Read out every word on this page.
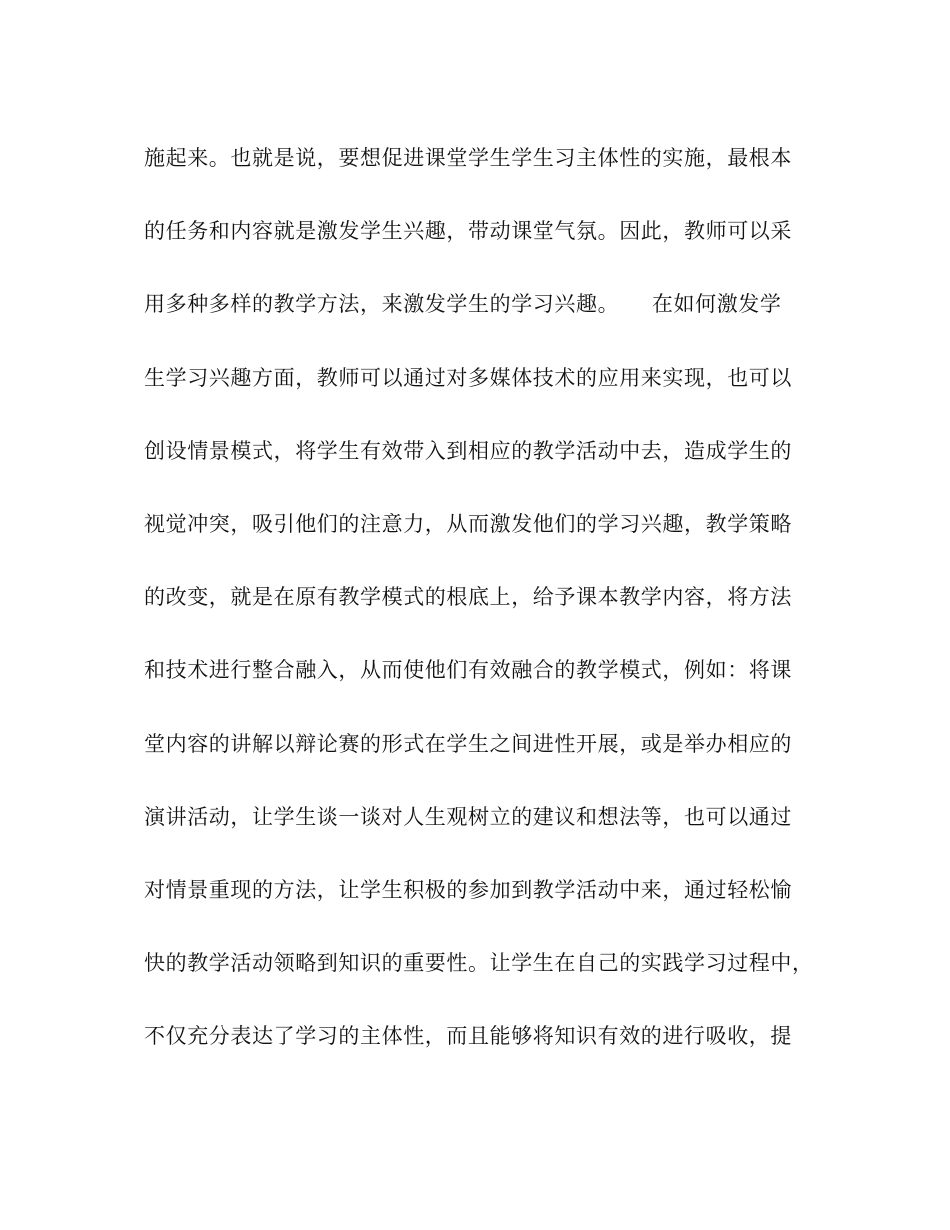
施起来。也就是说，要想促进课堂学生学生习主体性的实施，最根本
的任务和内容就是激发学生兴趣，带动课堂气氛。因此，教师可以采
用多种多样的教学方法，来激发学生的学习兴趣。　　在如何激发学
生学习兴趣方面，教师可以通过对多媒体技术的应用来实现，也可以
创设情景模式，将学生有效带入到相应的教学活动中去，造成学生的
视觉冲突，吸引他们的注意力，从而激发他们的学习兴趣，教学策略
的改变，就是在原有教学模式的根底上，给予课本教学内容，将方法
和技术进行整合融入，从而使他们有效融合的教学模式，例如：将课
堂内容的讲解以辩论赛的形式在学生之间进性开展，或是举办相应的
演讲活动，让学生谈一谈对人生观树立的建议和想法等，也可以通过
对情景重现的方法，让学生积极的参加到教学活动中来，通过轻松愉
快的教学活动领略到知识的重要性。让学生在自己的实践学习过程中，
不仅充分表达了学习的主体性，而且能够将知识有效的进行吸收，提
